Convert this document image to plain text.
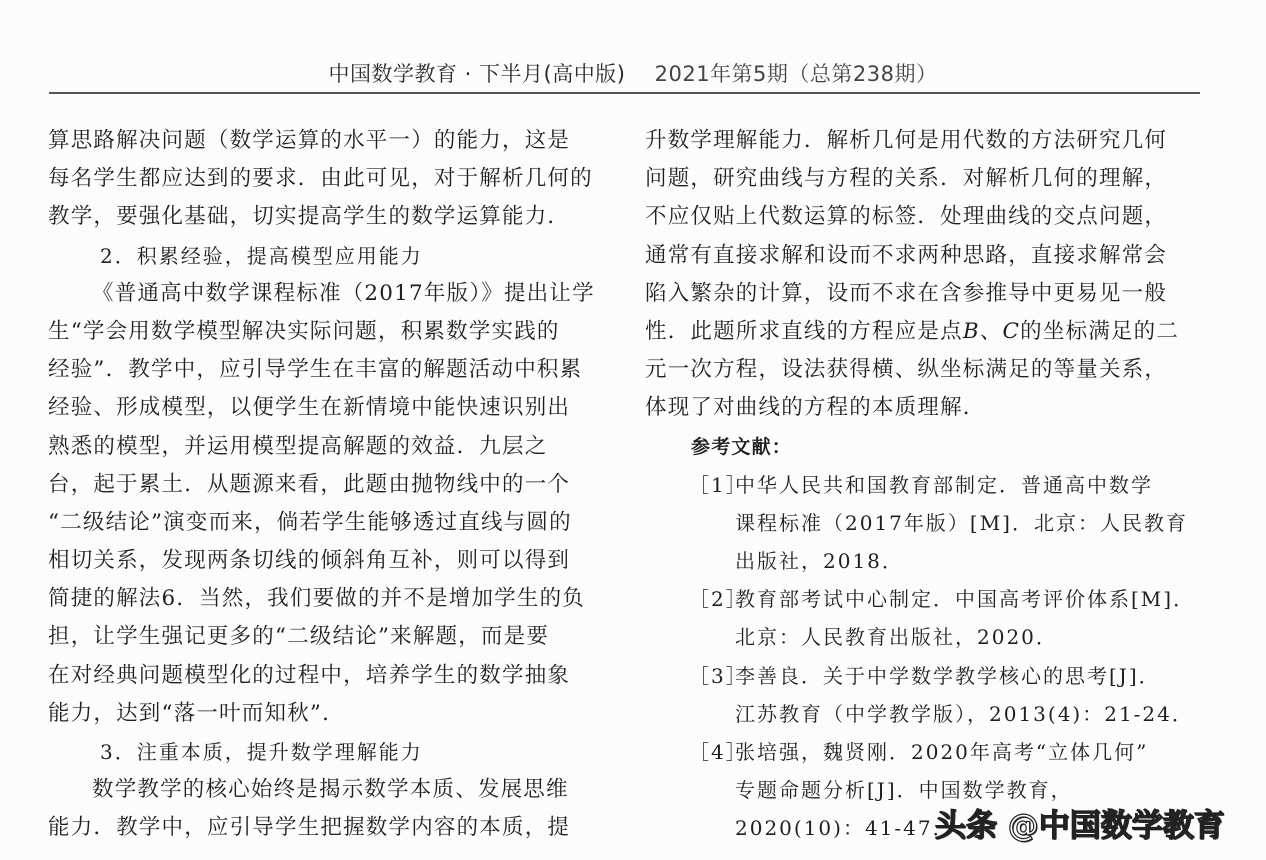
中国数学教育 · 下半月(高中版) 2021年第5期（总第238期）
算思路解决问题（数学运算的水平一）的能力，这是
每名学生都应达到的要求．由此可见，对于解析几何的
教学，要强化基础，切实提高学生的数学运算能力．
2．积累经验，提高模型应用能力
《普通高中数学课程标准（2017年版）》提出让学
生“学会用数学模型解决实际问题，积累数学实践的
经验”．教学中，应引导学生在丰富的解题活动中积累
经验、形成模型，以便学生在新情境中能快速识别出
熟悉的模型，并运用模型提高解题的效益．九层之
台，起于累土．从题源来看，此题由抛物线中的一个
“二级结论”演变而来，倘若学生能够透过直线与圆的
相切关系，发现两条切线的倾斜角互补，则可以得到
简捷的解法6．当然，我们要做的并不是增加学生的负
担，让学生强记更多的“二级结论”来解题，而是要
在对经典问题模型化的过程中，培养学生的数学抽象
能力，达到“落一叶而知秋”．
3．注重本质，提升数学理解能力
数学教学的核心始终是揭示数学本质、发展思维
能力．教学中，应引导学生把握数学内容的本质，提
升数学理解能力．解析几何是用代数的方法研究几何
问题，研究曲线与方程的关系．对解析几何的理解，
不应仅贴上代数运算的标签．处理曲线的交点问题，
通常有直接求解和设而不求两种思路，直接求解常会
陷入繁杂的计算，设而不求在含参推导中更易见一般
性．此题所求直线的方程应是点B、C的坐标满足的二
元一次方程，设法获得横、纵坐标满足的等量关系，
体现了对曲线的方程的本质理解．
参考文献：
［1］中华人民共和国教育部制定．普通高中数学
课程标准（2017年版）[M]．北京：人民教育
出版社，2018．
［2］教育部考试中心制定．中国高考评价体系[M]．
北京：人民教育出版社，2020．
［3］李善良．关于中学数学教学核心的思考[J]．
江苏教育（中学教学版），2013(4)：21-24．
［4］张培强，魏贤刚．2020年高考“立体几何”
专题命题分析[J]．中国数学教育，
2020(10)：41-47．
头条 @中国数学教育
